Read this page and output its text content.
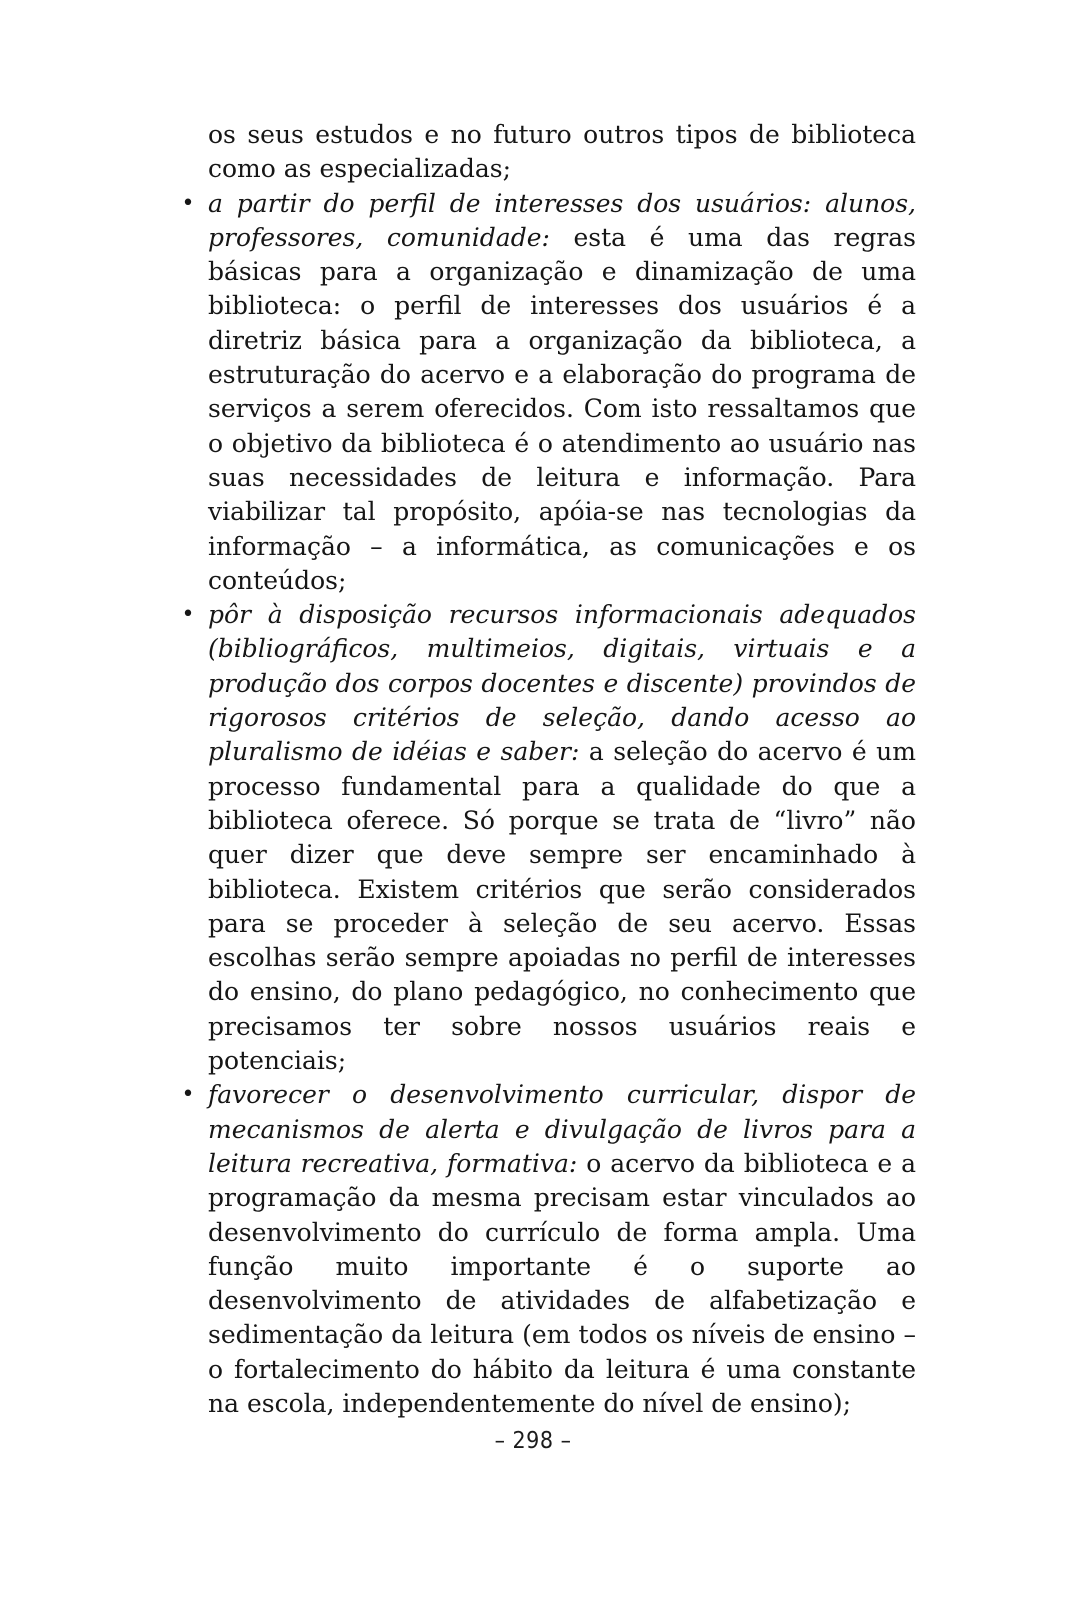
os seus estudos e no futuro outros tipos de biblioteca como as especializadas;

• a partir do perfil de interesses dos usuários: alunos, professores, comunidade: esta é uma das regras básicas para a organização e dinamização de uma biblioteca: o perfil de interesses dos usuários é a diretriz básica para a organização da biblioteca, a estruturação do acervo e a elaboração do programa de serviços a serem oferecidos. Com isto ressaltamos que o objetivo da biblioteca é o atendimento ao usuário nas suas necessidades de leitura e informação. Para viabilizar tal propósito, apóia-se nas tecnologias da informação – a informática, as comunicações e os conteúdos;
• pôr à disposição recursos informacionais adequados (bibliográficos, multimeios, digitais, virtuais e a produção dos corpos docentes e discente) provindos de rigorosos critérios de seleção, dando acesso ao pluralismo de idéias e saber: a seleção do acervo é um processo fundamental para a qualidade do que a biblioteca oferece. Só porque se trata de “livro” não quer dizer que deve sempre ser encaminhado à biblioteca. Existem critérios que serão considerados para se proceder à seleção de seu acervo. Essas escolhas serão sempre apoiadas no perfil de interesses do ensino, do plano pedagógico, no conhecimento que precisamos ter sobre nossos usuários reais e potenciais;
• favorecer o desenvolvimento curricular, dispor de mecanismos de alerta e divulgação de livros para a leitura recreativa, formativa: o acervo da biblioteca e a programação da mesma precisam estar vinculados ao desenvolvimento do currículo de forma ampla. Uma função muito importante é o suporte ao desenvolvimento de atividades de alfabetização e sedimentação da leitura (em todos os níveis de ensino – o fortalecimento do hábito da leitura é uma constante na escola, independentemente do nível de ensino);
– 298 –
